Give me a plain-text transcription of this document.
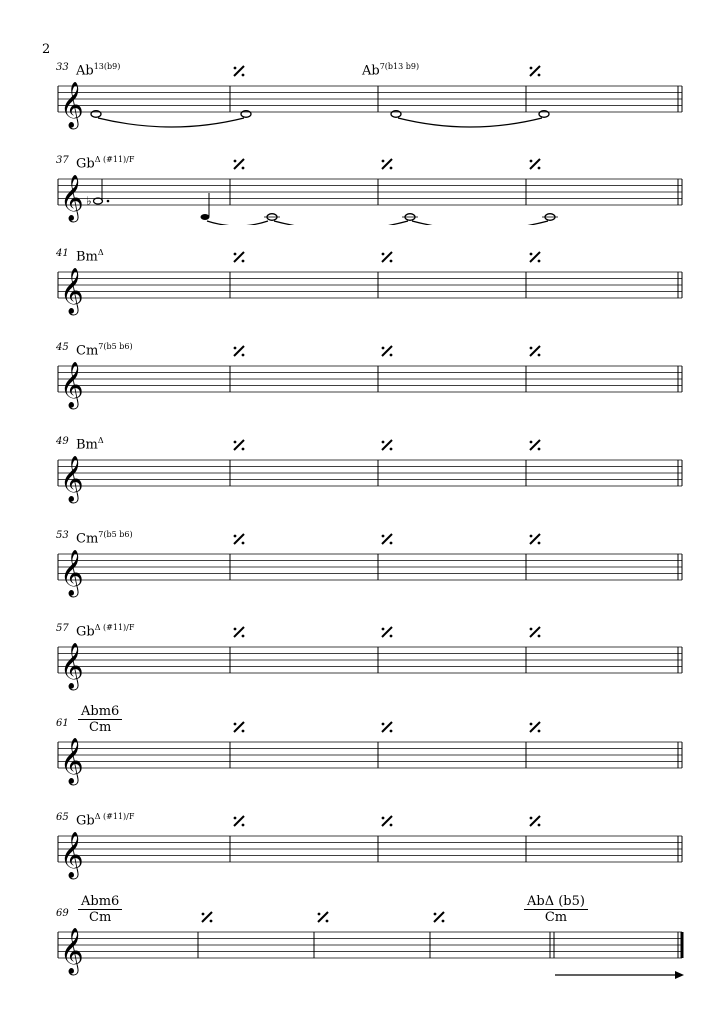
2
33 $Ab^{13(b9)}$	$Ab^{7(b13 b9)}$
𝄞
37 $Gb^{\Delta (\#11)/F}$
𝄞 ♭
41 $Bm^\Delta$
𝄞
45 $Cm^{7(b5 b6)}$
𝄞
49 $Bm^\Delta$
𝄞
53 $Cm^{7(b5 b6)}$
𝄞
57 $Gb^{\Delta (\#11)/F}$
𝄞
61
Abm6
Cm
𝄞
65 $Gb^{\Delta (\#11)/F}$
𝄞
69
Abm6
Cm
AbΔ (b5)
Cm
𝄞
